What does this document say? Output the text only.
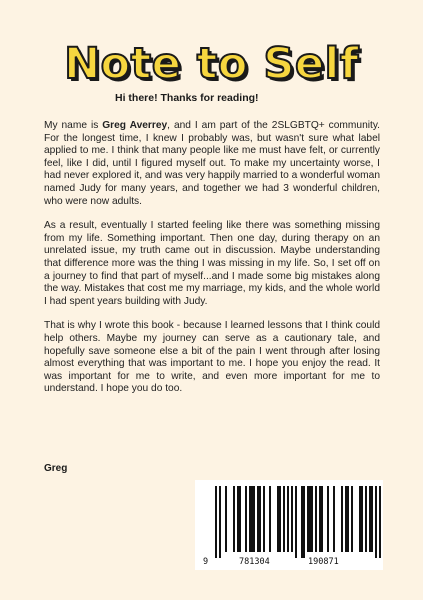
Note to Self

Hi there! Thanks for reading!

My name is Greg Averrey, and I am part of the 2SLGBTQ+ community. For the longest time, I knew I probably was, but wasn't sure what label applied to me. I think that many people like me must have felt, or currently feel, like I did, until I figured myself out. To make my uncertainty worse, I had never explored it, and was very happily married to a wonderful woman named Judy for many years, and together we had 3 wonderful children, who were now adults.

As a result, eventually I started feeling like there was something missing from my life. Something important. Then one day, during therapy on an unrelated issue, my truth came out in discussion. Maybe understanding that difference more was the thing I was missing in my life. So, I set off on a journey to find that part of myself...and I made some big mistakes along the way. Mistakes that cost me my marriage, my kids, and the whole world I had spent years building with Judy.

That is why I wrote this book - because I learned lessons that I think could help others. Maybe my journey can serve as a cautionary tale, and hopefully save someone else a bit of the pain I went through after losing almost everything that was important to me. I hope you enjoy the read. It was important for me to write, and even more important for me to understand. I hope you do too.

Greg

9	781304	190871
